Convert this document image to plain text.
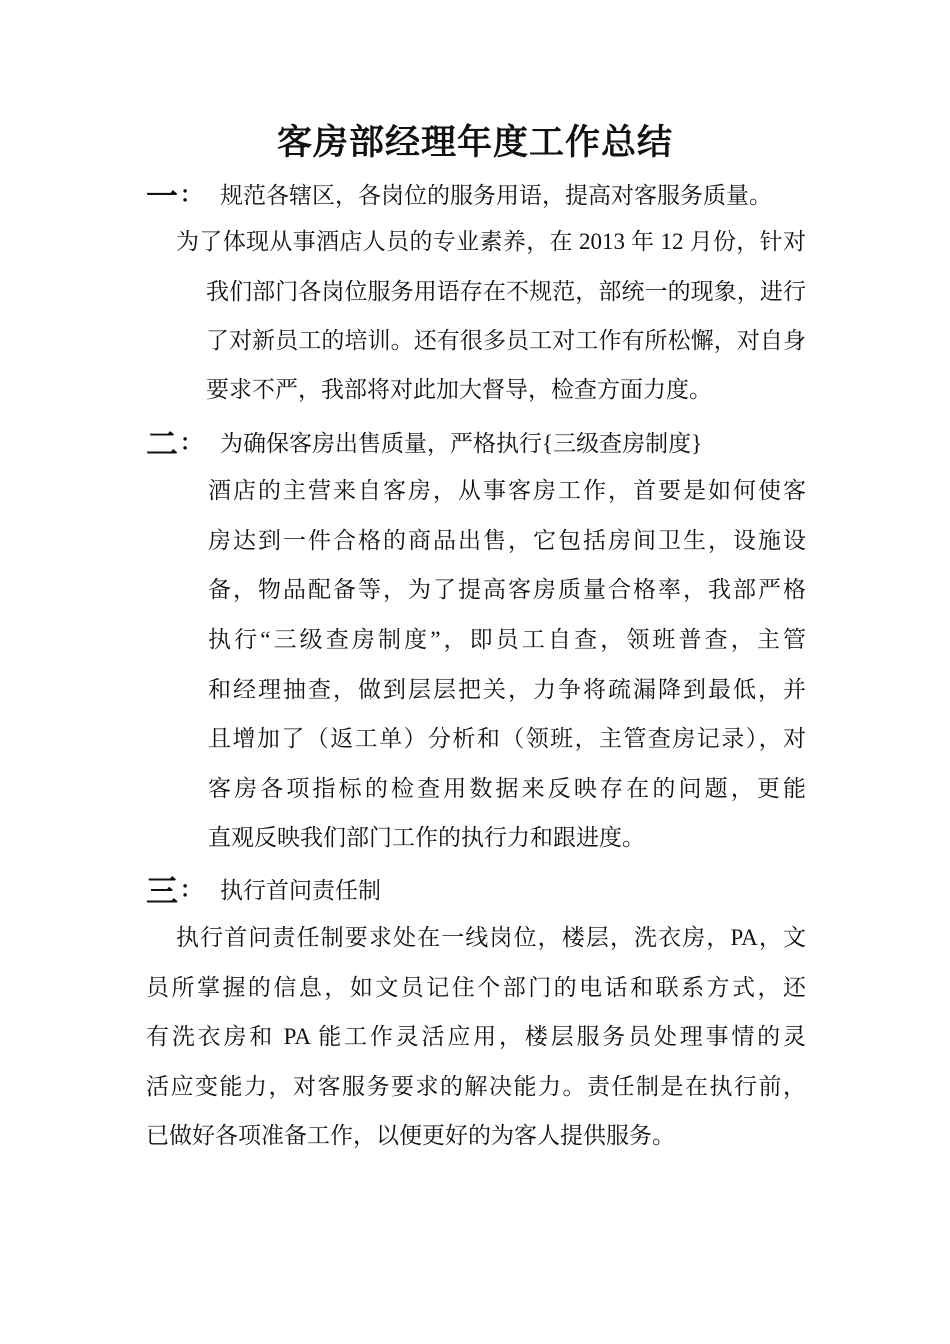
客房部经理年度工作总结
一 ： 规范各辖区，各岗位的服务用语，提高对客服务质量。
为了体现从事酒店人员的专业素养，在 2013 年 12 月份，针对
我们部门各岗位服务用语存在不规范，部统一的现象，进行
了对新员工的培训。还有很多员工对工作有所松懈，对自身
要求不严，我部将对此加大督导，检查方面力度。
二 ： 为确保客房出售质量，严格执行{三级查房制度}
酒店的主营来自客房，从事客房工作，首要是如何使客
房达到一件合格的商品出售，它包括房间卫生，设施设
备，物品配备等，为了提高客房质量合格率，我部严格
执行“三级查房制度”，即员工自查，领班普查，主管
和经理抽查，做到层层把关，力争将疏漏降到最低，并
且增加了（返工单）分析和（领班，主管查房记录），对
客房各项指标的检查用数据来反映存在的问题，更能
直观反映我们部门工作的执行力和跟进度。
三 ： 执行首问责任制
执行首问责任制要求处在一线岗位，楼层，洗衣房，PA，文
员所掌握的信息，如文员记住个部门的电话和联系方式，还
有洗衣房和 PA 能工作灵活应用，楼层服务员处理事情的灵
活应变能力，对客服务要求的解决能力。责任制是在执行前，
已做好各项准备工作，以便更好的为客人提供服务。
